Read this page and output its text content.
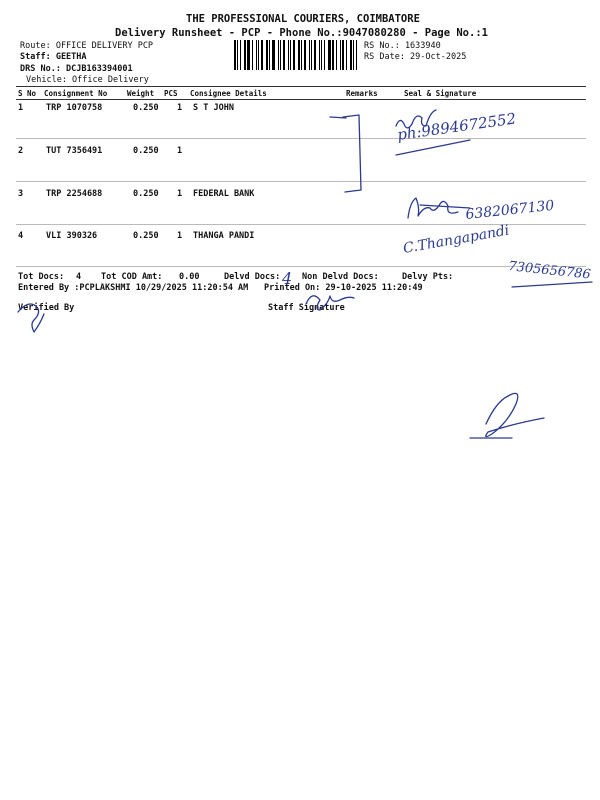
THE PROFESSIONAL COURIERS, COIMBATORE
Delivery Runsheet - PCP - Phone No.:9047080280 - Page No.:1
Route: OFFICE DELIVERY PCP
Staff: GEETHA
DRS No.: DCJB163394001
Vehicle: Office Delivery
RS No.: 1633940
RS Date: 29-Oct-2025
S No Consignment No	Weight PCS Consignee Details	Remarks	Seal & Signature
1	TRP 1070758	0.250 1 S T JOHN
2	TUT 7356491	0.250 1
3	TRP 2254688	0.250 1 FEDERAL BANK
4	VLI 390326	0.250 1 THANGA PANDI
Tot Docs: 4 Tot COD Amt: 0.00	Delvd Docs:	Non Delvd Docs:	Delvy Pts:
Entered By :PCPLAKSHMI 10/29/2025 11:20:54 AM Printed On: 29-10-2025 11:20:49
Verified By	Staff Signature
ph:9894672552
6382067130
C.Thangapandi
7305656786
4
